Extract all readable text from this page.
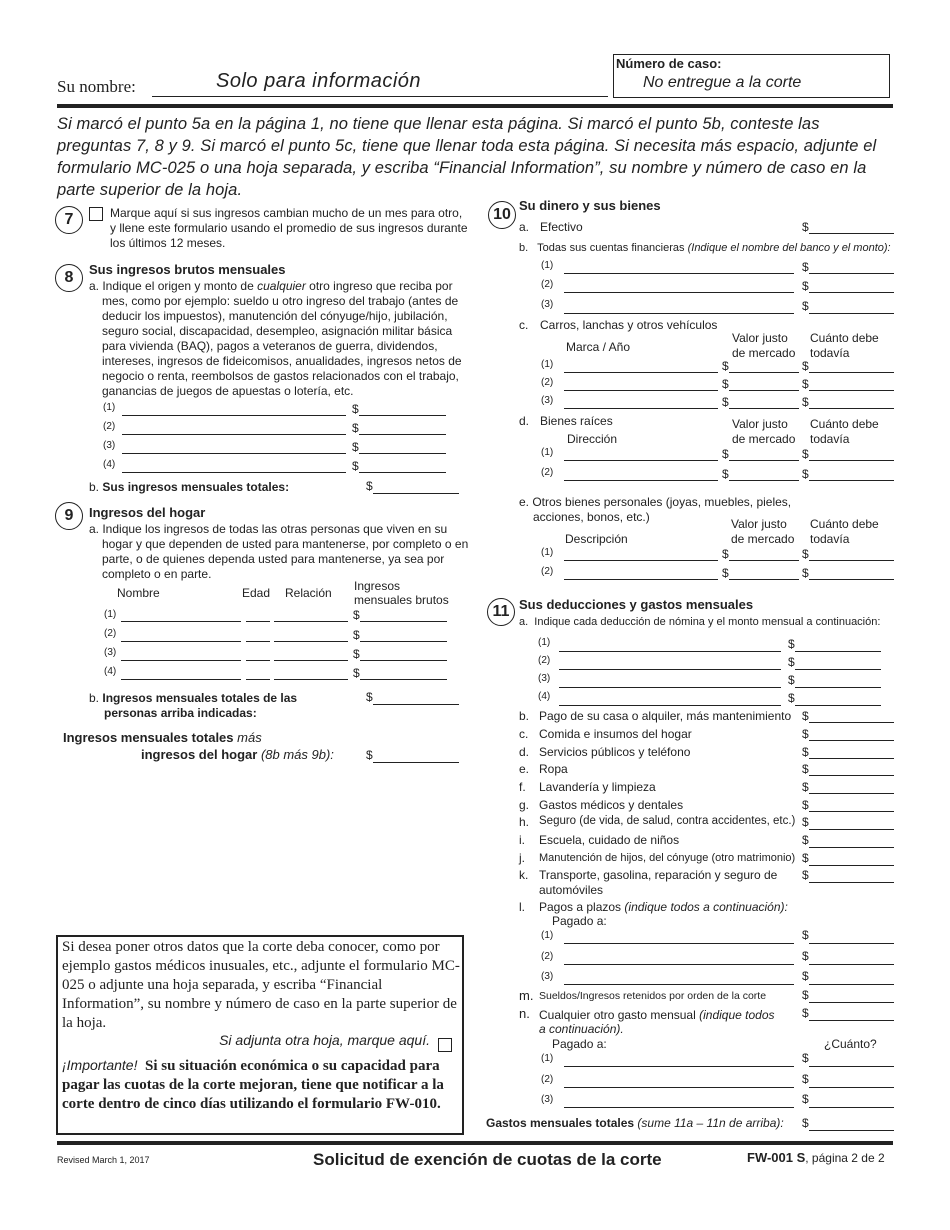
Su nombre:	Solo para información
Número de caso:
No entregue a la corte
Si marcó el punto 5a en la página 1, no tiene que llenar esta página. Si marcó el punto 5b, conteste las preguntas 7, 8 y 9. Si marcó el punto 5c, tiene que llenar toda esta página. Si necesita más espacio, adjunte el formulario MC-025 o una hoja separada, y escriba “Financial Information”, su nombre y número de caso en la parte superior de la hoja.
7	Marque aquí si sus ingresos cambian mucho de un mes para otro, y llene este formulario usando el promedio de sus ingresos durante los últimos 12 meses.
8 Sus ingresos brutos mensuales
a. Indique el origen y monto de cualquier otro ingreso que reciba por mes, como por ejemplo: sueldo u otro ingreso del trabajo (antes de deducir los impuestos), manutención del cónyuge/hijo, jubilación, seguro social, discapacidad, desempleo, asignación militar básica para vivienda (BAQ), pagos a veteranos de guerra, dividendos, intereses, ingresos de fideicomisos, anualidades, ingresos netos de negocio o renta, reembolsos de gastos relacionados con el trabajo, ganancias de juegos de apuestas o lotería, etc.
(1)	$
(2)	$
(3)	$
(4)	$
b. Sus ingresos mensuales totales:	$
9 Ingresos del hogar
a. Indique los ingresos de todas las otras personas que viven en su hogar y que dependen de usted para mantenerse, por completo o en parte, o de quienes dependa usted para mantenerse, ya sea por completo o en parte.
Nombre	Edad Relación Ingresos
mensuales brutos
(1)	$
(2)	$
(3)	$
(4)	$
b. Ingresos mensuales totales de las
personas arriba indicadas:
$
Ingresos mensuales totales más
ingresos del hogar (8b más 9b):	$
10
Su dinero y sus bienes
a. Efectivo	$
b.   Todas sus cuentas financieras (Indique el nombre del banco y el monto):
(1)	$
(2)	$
(3)	$
c. Carros, lanchas y otros vehículos
Marca / Año
Valor justo
de mercado
Cuánto debe
todavía
(1)	$	$
(2)	$	$
(3)	$	$
d. Bienes raíces
Dirección
Valor justo
de mercado
Cuánto debe
todavía
(1)	$	$
(2)	$	$
e. Otros bienes personales (joyas, muebles, pieles,
acciones, bonos, etc.)
Descripción
Valor justo
de mercado
Cuánto debe
todavía
(1)	$	$
(2)	$	$
11 Sus deducciones y gastos mensuales
a.  Indique cada deducción de nómina y el monto mensual a continuación:
(1)	$
(2)	$
(3)	$
(4)	$
b. Pago de su casa o alquiler, más mantenimiento $
c. Comida e insumos del hogar	$
d. Servicios públicos y teléfono	$
e. Ropa	$
f. Lavandería y limpieza	$
g. Gastos médicos y dentales	$
h. Seguro (de vida, de salud, contra accidentes, etc.) $
i. Escuela, cuidado de niños	$
j. Manutención de hijos, del cónyuge (otro matrimonio) $
k. Transporte, gasolina, reparación y seguro de
automóviles
$
l. Pagos a plazos (indique todos a continuación):
Pagado a:
(1)	$
(2)	$
(3)	$
m. Sueldos/Ingresos retenidos por orden de la corte	$
n. Cualquier otro gasto mensual (indique todos
a continuación).
$
Pagado a:	¿Cuánto?
(1)	$
(2)	$
(3)	$
Gastos mensuales totales (sume 11a – 11n de arriba): $
Si desea poner otros datos que la corte deba conocer, como por ejemplo gastos médicos inusuales, etc., adjunte el formulario MC-025 o adjunte una hoja separada, y escriba “Financial Information”, su nombre y número de caso en la parte superior de la hoja.
Si adjunta otra hoja, marque aquí.
¡Importante! Si su situación económica o su capacidad para pagar las cuotas de la corte mejoran, tiene que notificar a la corte dentro de cinco días utilizando el formulario FW-010.
Revised March 1, 2017	Solicitud de exención de cuotas de la corte	FW-001 S, página 2 de 2
